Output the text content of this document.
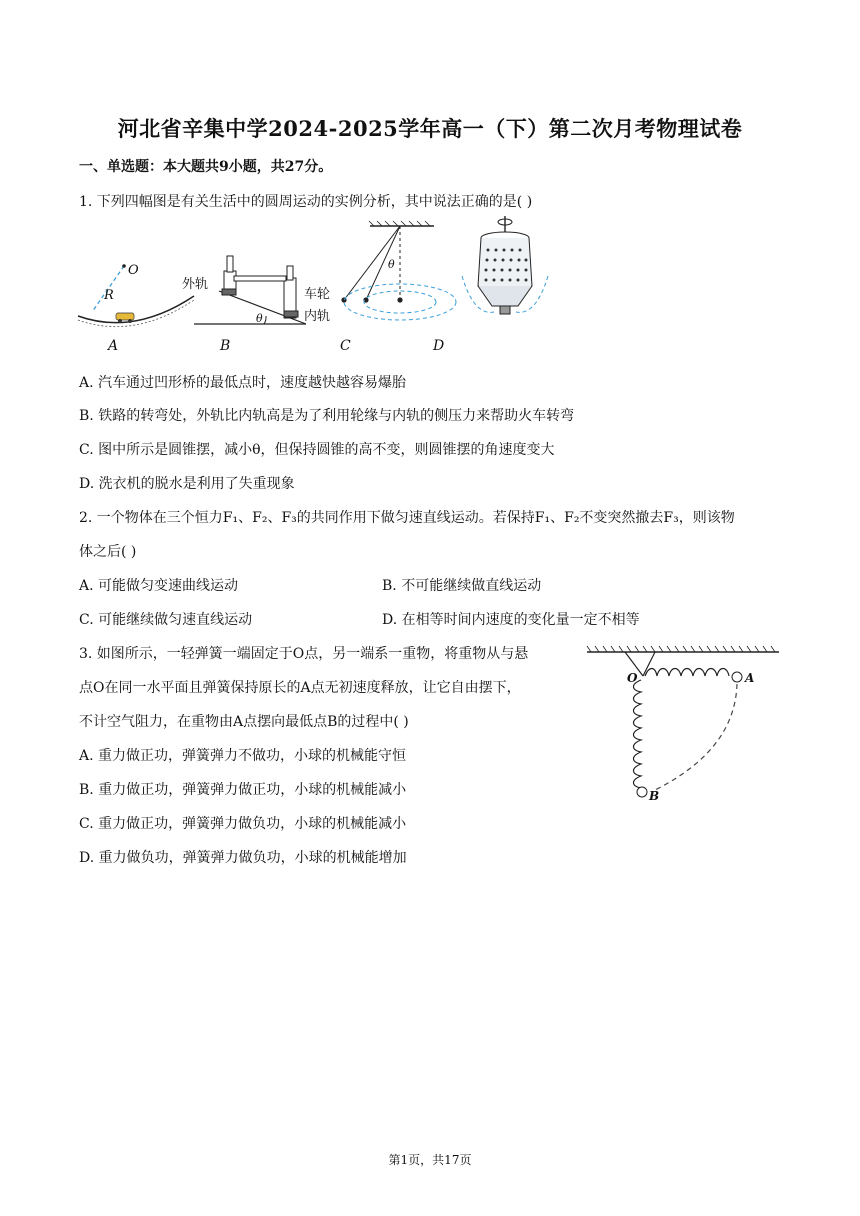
河北省辛集中学2024-2025学年高一（下）第二次月考物理试卷
一、单选题：本大题共9小题，共27分。
1. 下列四幅图是有关生活中的圆周运动的实例分析，其中说法正确的是( )
O
R
θ
外轨
车轮
内轨
θ
A	B	C	D
A. 汽车通过凹形桥的最低点时，速度越快越容易爆胎
B. 铁路的转弯处，外轨比内轨高是为了利用轮缘与内轨的侧压力来帮助火车转弯
C. 图中所示是圆锥摆，减小θ，但保持圆锥的高不变，则圆锥摆的角速度变大
D. 洗衣机的脱水是利用了失重现象
2. 一个物体在三个恒力F₁、F₂、F₃的共同作用下做匀速直线运动。若保持F₁、F₂不变突然撤去F₃，则该物
体之后( )
A. 可能做匀变速曲线运动	B. 不可能继续做直线运动
C. 可能继续做匀速直线运动	D. 在相等时间内速度的变化量一定不相等
3. 如图所示，一轻弹簧一端固定于O点，另一端系一重物，将重物从与悬
点O在同一水平面且弹簧保持原长的A点无初速度释放，让它自由摆下，
不计空气阻力，在重物由A点摆向最低点B的过程中( )
O	A
B
A. 重力做正功，弹簧弹力不做功，小球的机械能守恒
B. 重力做正功，弹簧弹力做正功，小球的机械能减小
C. 重力做正功，弹簧弹力做负功，小球的机械能减小
D. 重力做负功，弹簧弹力做负功，小球的机械能增加
第1页，共17页
